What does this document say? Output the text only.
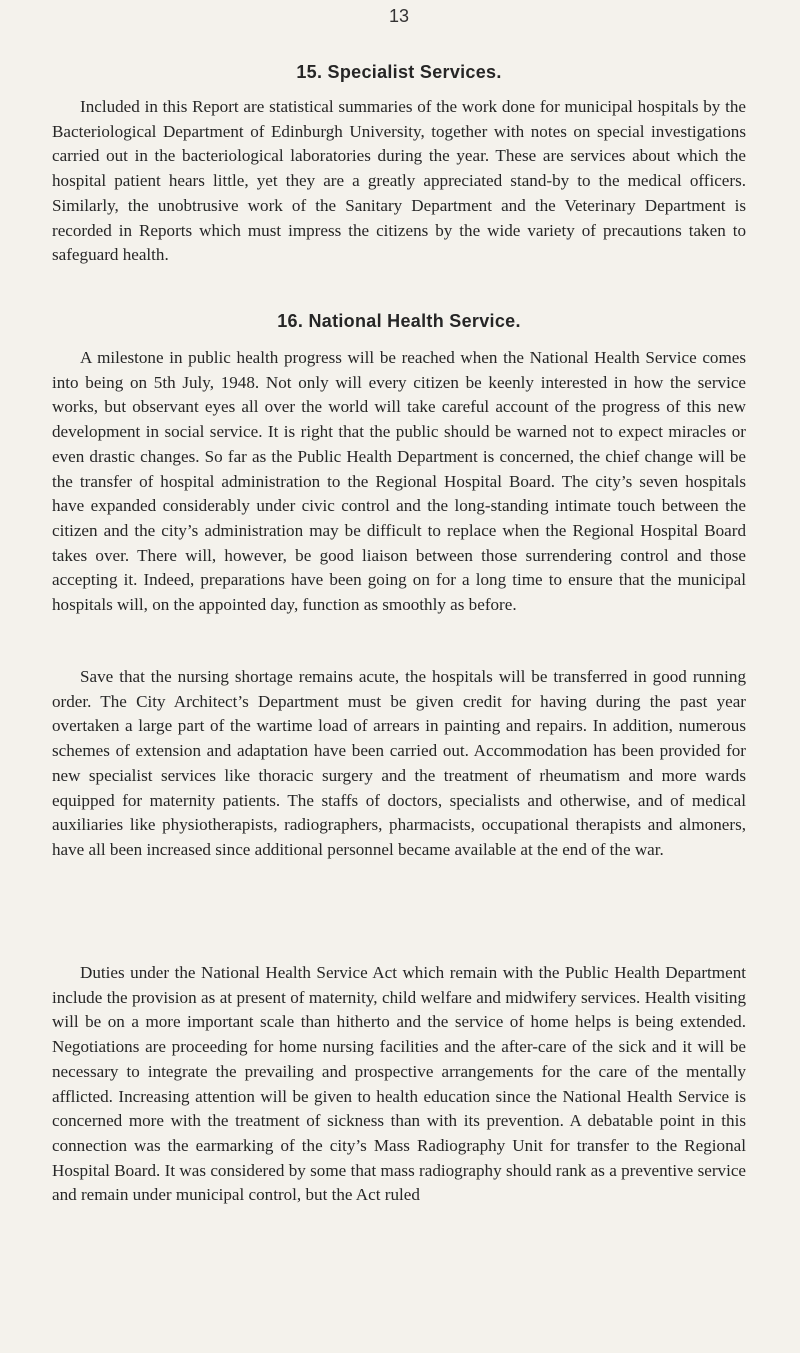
13
15. Specialist Services.

Included in this Report are statistical summaries of the work done for municipal hospitals by the Bacteriological Department of Edinburgh University, together with notes on special investigations carried out in the bacteriological laboratories during the year. These are services about which the hospital patient hears little, yet they are a greatly appreciated stand-by to the medical officers. Similarly, the unobtrusive work of the Sanitary Department and the Veterinary Department is recorded in Reports which must impress the citizens by the wide variety of precautions taken to safeguard health.

16. National Health Service.

A milestone in public health progress will be reached when the National Health Service comes into being on 5th July, 1948. Not only will every citizen be keenly interested in how the service works, but observant eyes all over the world will take careful account of the progress of this new development in social service. It is right that the public should be warned not to expect miracles or even drastic changes. So far as the Public Health Department is concerned, the chief change will be the transfer of hospital administration to the Regional Hospital Board. The city’s seven hospitals have expanded considerably under civic control and the long-standing intimate touch between the citizen and the city’s administration may be difficult to replace when the Regional Hospital Board takes over. There will, however, be good liaison between those surrendering control and those accepting it. Indeed, preparations have been going on for a long time to ensure that the municipal hospitals will, on the appointed day, function as smoothly as before.

Save that the nursing shortage remains acute, the hospitals will be transferred in good running order. The City Architect’s Department must be given credit for having during the past year overtaken a large part of the wartime load of arrears in painting and repairs. In addition, numerous schemes of extension and adaptation have been carried out. Accommodation has been provided for new specialist services like thoracic surgery and the treatment of rheumatism and more wards equipped for maternity patients. The staffs of doctors, specialists and otherwise, and of medical auxiliaries like physiotherapists, radiographers, pharmacists, occupational therapists and almoners, have all been increased since additional personnel became available at the end of the war.

Duties under the National Health Service Act which remain with the Public Health Department include the provision as at present of maternity, child welfare and midwifery services. Health visiting will be on a more important scale than hitherto and the service of home helps is being extended. Negotiations are proceeding for home nursing facilities and the after-care of the sick and it will be necessary to integrate the prevailing and prospective arrangements for the care of the mentally afflicted. Increasing attention will be given to health education since the National Health Service is concerned more with the treatment of sickness than with its prevention. A debatable point in this connection was the earmarking of the city’s Mass Radiography Unit for transfer to the Regional Hospital Board. It was considered by some that mass radiography should rank as a preventive service and remain under municipal control, but the Act ruled
